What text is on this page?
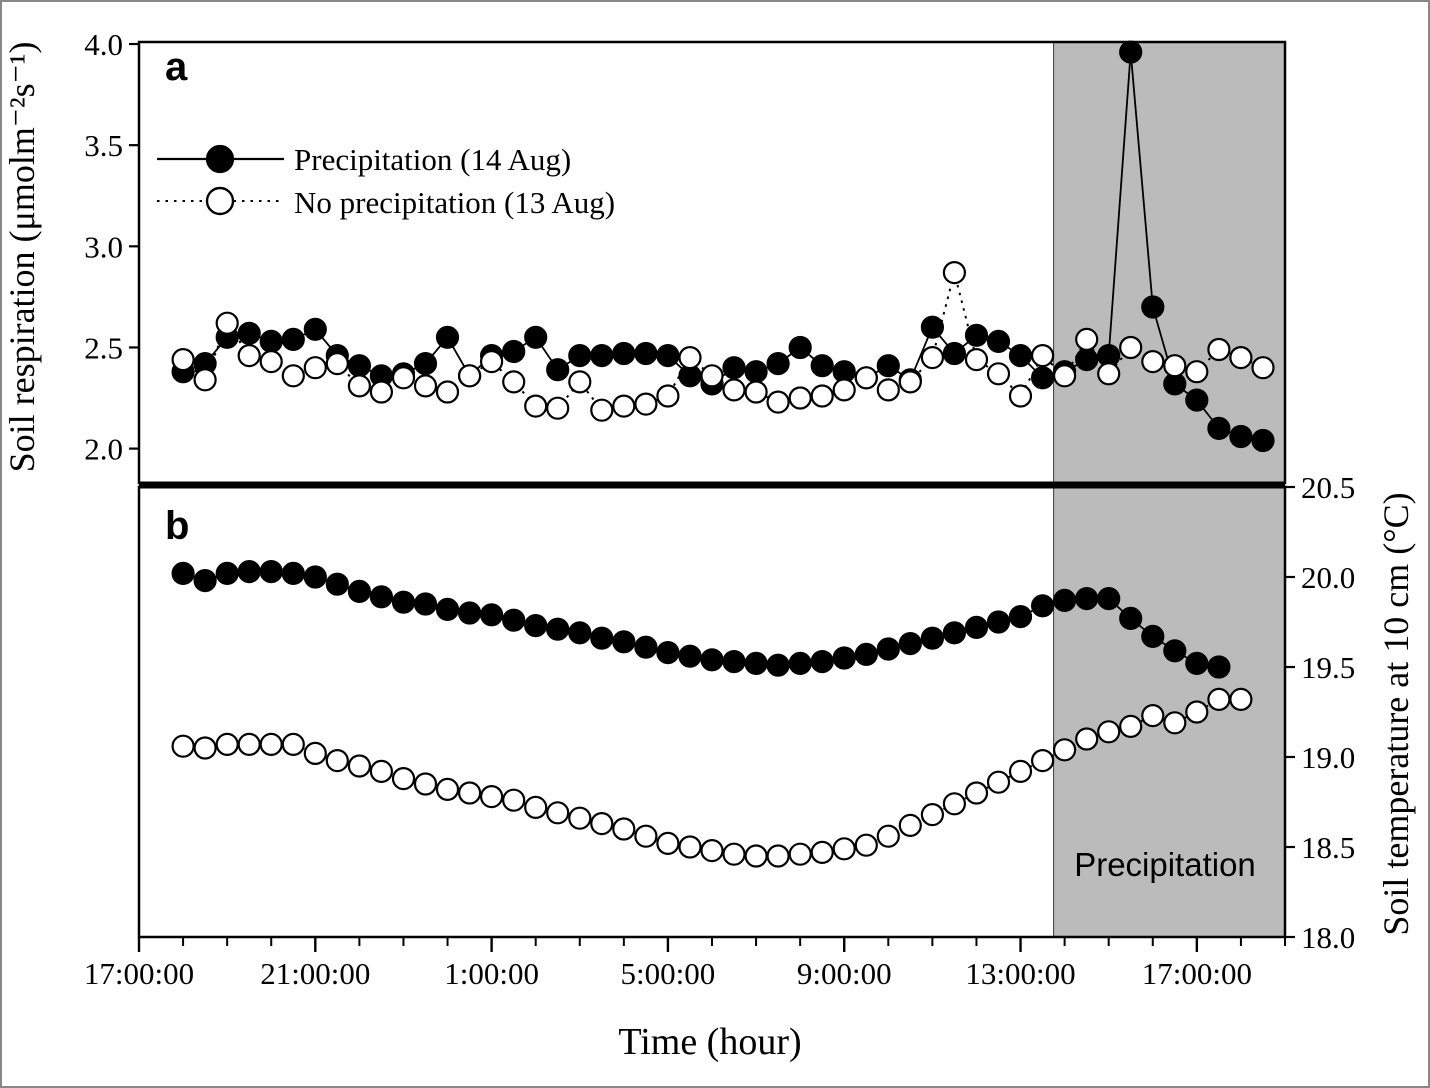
2.0
2.5
3.0
3.5
4.0
18.0
18.5
19.0
19.5
20.0
20.5
17:00:00 21:00:00 1:00:00	5:00:00	9:00:00 13:00:00 17:00:00
Precipitation (14 Aug)
No precipitation (13 Aug)
a
b
Precipitation
Time (hour)
Soil respiration (μmolm⁻²s⁻¹)
Soil temperature at 10 cm (°C)
